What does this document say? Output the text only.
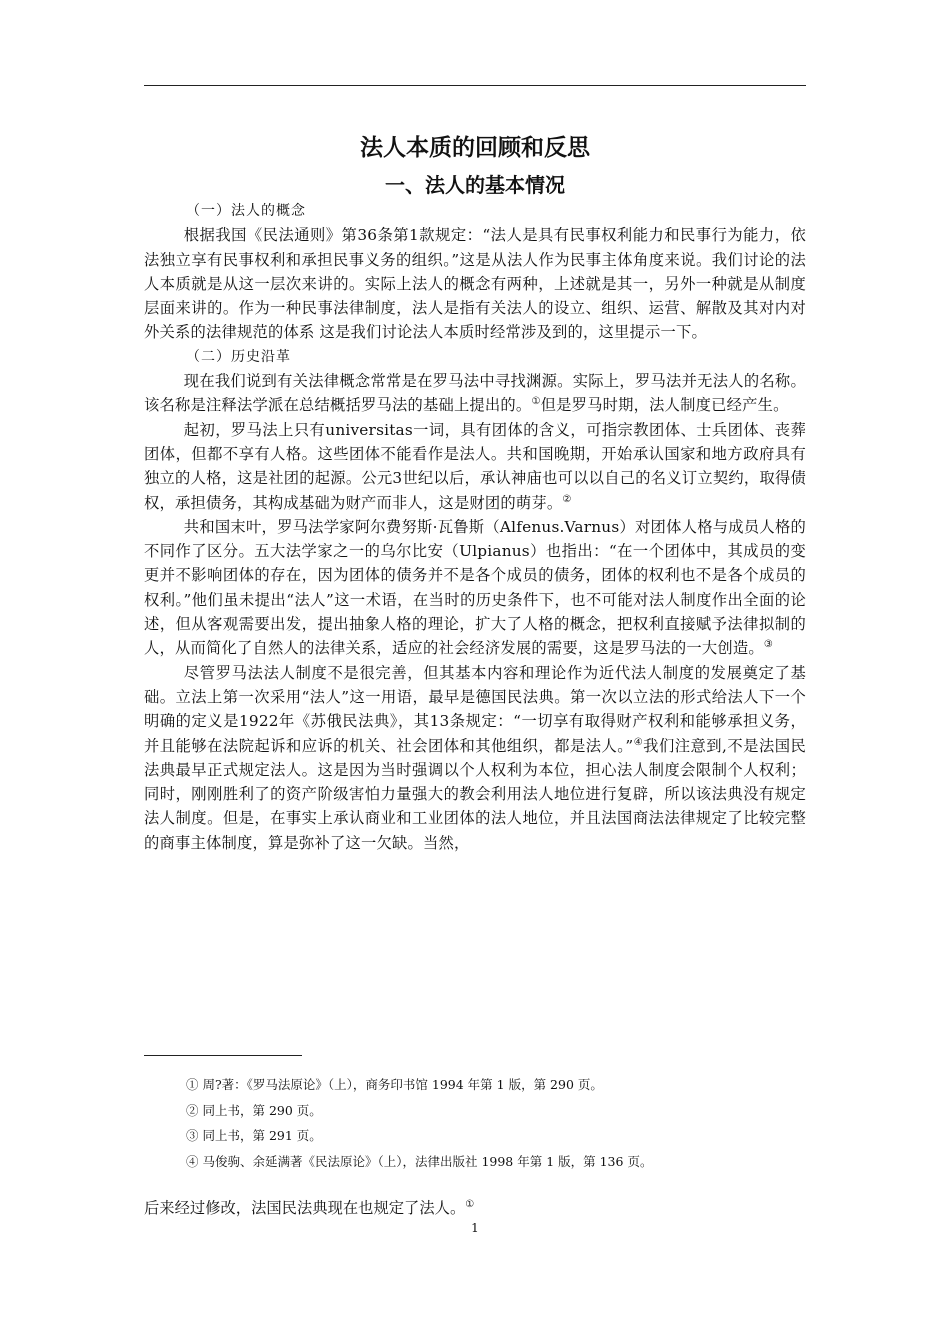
法人本质的回顾和反思
一、法人的基本情况
（一）法人的概念

根据我国《民法通则》第36条第1款规定：“法人是具有民事权利能力和民事行为能力，依法独立享有民事权利和承担民事义务的组织。”这是从法人作为民事主体角度来说。我们讨论的法人本质就是从这一层次来讲的。实际上法人的概念有两种，上述就是其一，另外一种就是从制度层面来讲的。作为一种民事法律制度，法人是指有关法人的设立、组织、运营、解散及其对内对外关系的法律规范的体系 这是我们讨论法人本质时经常涉及到的，这里提示一下。

（二）历史沿革

现在我们说到有关法律概念常常是在罗马法中寻找渊源。实际上，罗马法并无法人的名称。该名称是注释法学派在总结概括罗马法的基础上提出的。①但是罗马时期，法人制度已经产生。

起初，罗马法上只有universitas一词，具有团体的含义，可指宗教团体、士兵团体、丧葬团体，但都不享有人格。这些团体不能看作是法人。共和国晚期，开始承认国家和地方政府具有独立的人格，这是社团的起源。公元3世纪以后，承认神庙也可以以自己的名义订立契约，取得债权，承担债务，其构成基础为财产而非人，这是财团的萌芽。②

共和国末叶，罗马法学家阿尔费努斯·瓦鲁斯（Alfenus.Varnus）对团体人格与成员人格的不同作了区分。五大法学家之一的乌尔比安（Ulpianus）也指出：“在一个团体中，其成员的变更并不影响团体的存在，因为团体的债务并不是各个成员的债务，团体的权利也不是各个成员的权利。”他们虽未提出“法人”这一术语，在当时的历史条件下，也不可能对法人制度作出全面的论述，但从客观需要出发，提出抽象人格的理论，扩大了人格的概念，把权利直接赋予法律拟制的人，从而简化了自然人的法律关系，适应的社会经济发展的需要，这是罗马法的一大创造。③

尽管罗马法法人制度不是很完善，但其基本内容和理论作为近代法人制度的发展奠定了基础。立法上第一次采用“法人”这一用语，最早是德国民法典。第一次以立法的形式给法人下一个明确的定义是1922年《苏俄民法典》，其13条规定：“一切享有取得财产权利和能够承担义务，并且能够在法院起诉和应诉的机关、社会团体和其他组织，都是法人。”④我们注意到,不是法国民法典最早正式规定法人。这是因为当时强调以个人权利为本位，担心法人制度会限制个人权利；同时，刚刚胜利了的资产阶级害怕力量强大的教会利用法人地位进行复辟，所以该法典没有规定法人制度。但是，在事实上承认商业和工业团体的法人地位，并且法国商法法律规定了比较完整的商事主体制度，算是弥补了这一欠缺。当然，

① 周?著：《罗马法原论》（上），商务印书馆 1994 年第 1 版，第 290 页。

② 同上书，第 290 页。

③ 同上书，第 291 页。

④ 马俊驹、余延满著《民法原论》（上），法律出版社 1998 年第 1 版，第 136 页。

后来经过修改，法国民法典现在也规定了法人。①

1
